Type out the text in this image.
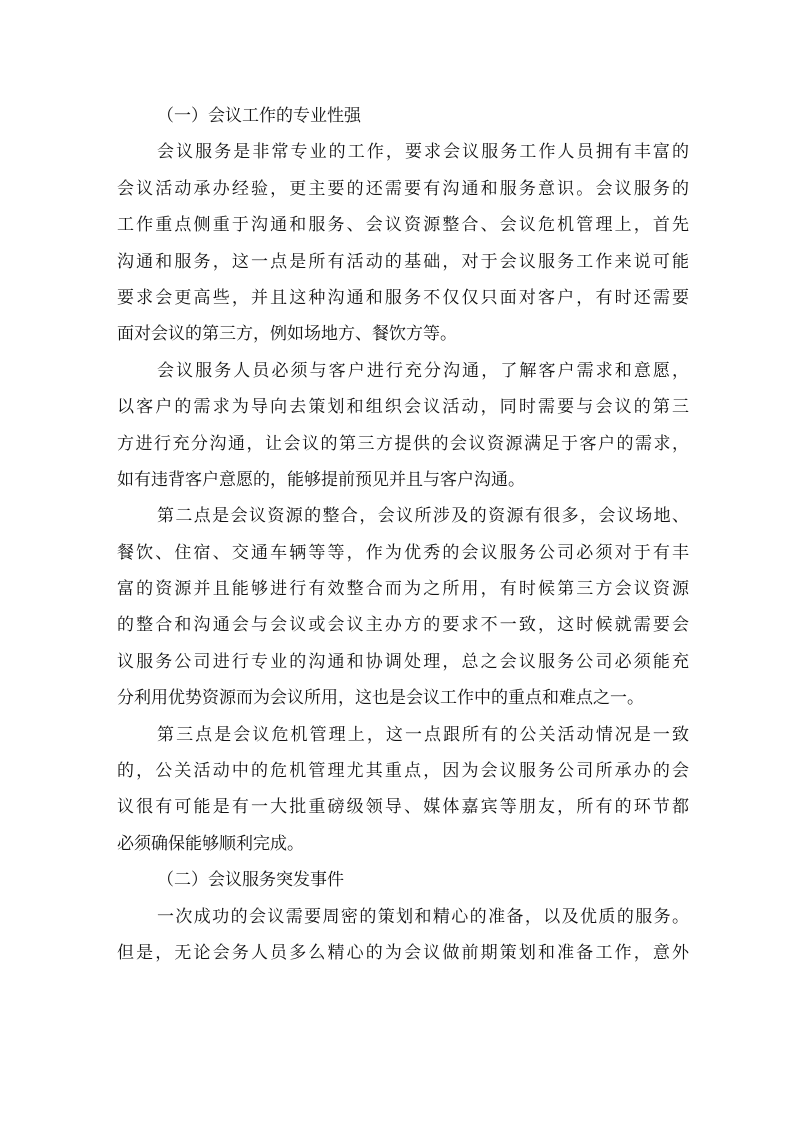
（一）会议工作的专业性强
会议服务是非常专业的工作，要求会议服务工作人员拥有丰富的
会议活动承办经验，更主要的还需要有沟通和服务意识。会议服务的
工作重点侧重于沟通和服务、会议资源整合、会议危机管理上，首先
沟通和服务，这一点是所有活动的基础，对于会议服务工作来说可能
要求会更高些，并且这种沟通和服务不仅仅只面对客户，有时还需要
面对会议的第三方，例如场地方、餐饮方等。
会议服务人员必须与客户进行充分沟通，了解客户需求和意愿，
以客户的需求为导向去策划和组织会议活动，同时需要与会议的第三
方进行充分沟通，让会议的第三方提供的会议资源满足于客户的需求，
如有违背客户意愿的，能够提前预见并且与客户沟通。
第二点是会议资源的整合，会议所涉及的资源有很多，会议场地、
餐饮、住宿、交通车辆等等，作为优秀的会议服务公司必须对于有丰
富的资源并且能够进行有效整合而为之所用，有时候第三方会议资源
的整合和沟通会与会议或会议主办方的要求不一致，这时候就需要会
议服务公司进行专业的沟通和协调处理，总之会议服务公司必须能充
分利用优势资源而为会议所用，这也是会议工作中的重点和难点之一。
第三点是会议危机管理上，这一点跟所有的公关活动情况是一致
的，公关活动中的危机管理尤其重点，因为会议服务公司所承办的会
议很有可能是有一大批重磅级领导、媒体嘉宾等朋友，所有的环节都
必须确保能够顺利完成。
（二）会议服务突发事件
一次成功的会议需要周密的策划和精心的准备，以及优质的服务。
但是，无论会务人员多么精心的为会议做前期策划和准备工作，意外
